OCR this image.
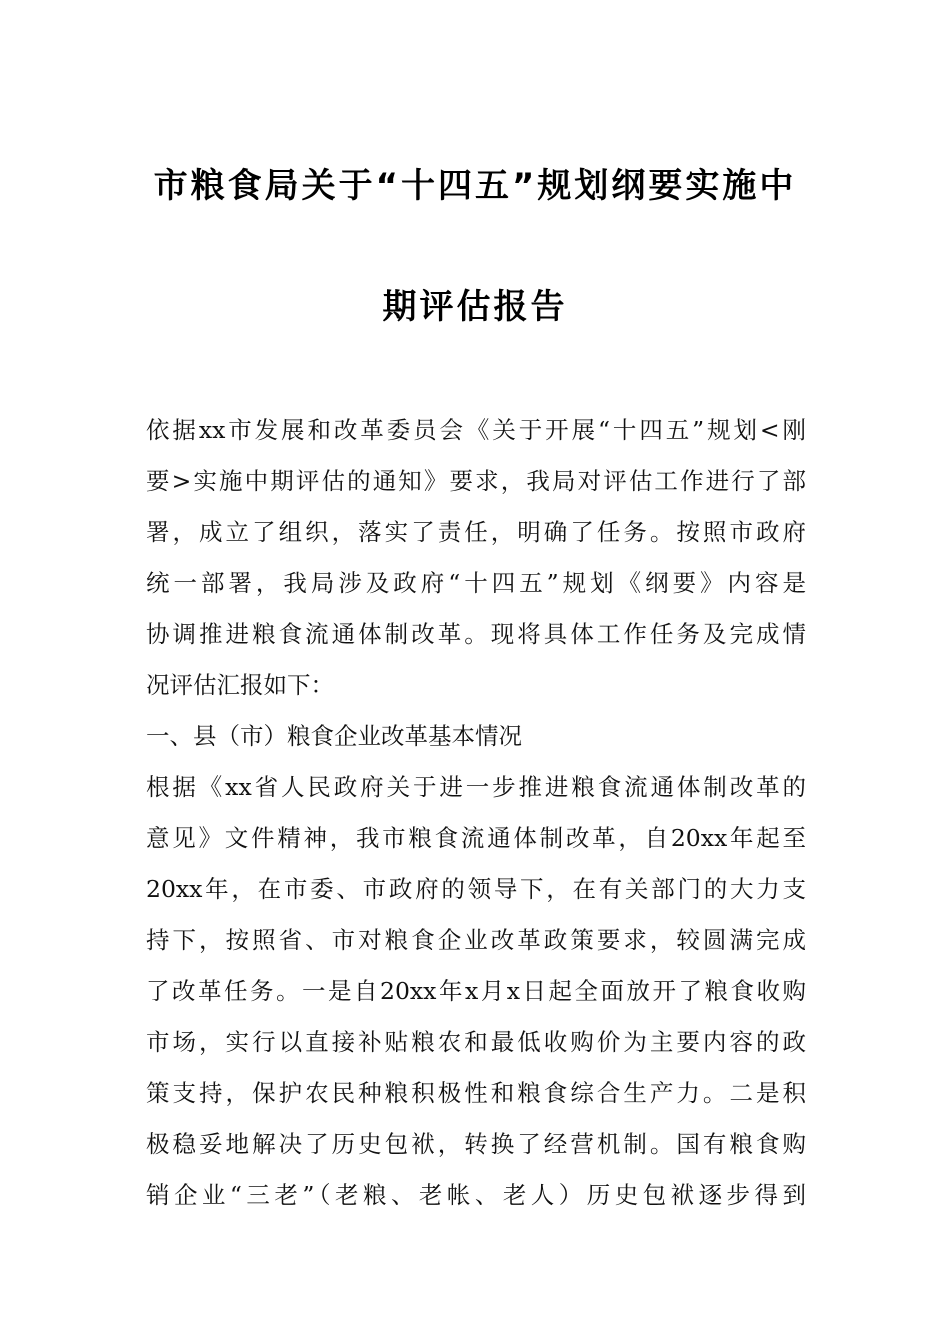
市粮食局关于“十四五”规划纲要实施中
期评估报告
依据xx市发展和改革委员会《关于开展“十四五”规划<刚
要>实施中期评估的通知》要求，我局对评估工作进行了部
署，成立了组织，落实了责任，明确了任务。按照市政府
统一部署，我局涉及政府“十四五”规划《纲要》内容是
协调推进粮食流通体制改革。现将具体工作任务及完成情
况评估汇报如下：
一、县（市）粮食企业改革基本情况
根据《xx省人民政府关于进一步推进粮食流通体制改革的
意见》文件精神，我市粮食流通体制改革，自20xx年起至
20xx年，在市委、市政府的领导下，在有关部门的大力支
持下，按照省、市对粮食企业改革政策要求，较圆满完成
了改革任务。一是自20xx年x月x日起全面放开了粮食收购
市场，实行以直接补贴粮农和最低收购价为主要内容的政
策支持，保护农民种粮积极性和粮食综合生产力。二是积
极稳妥地解决了历史包袱，转换了经营机制。国有粮食购
销企业“三老”（老粮、老帐、老人）历史包袱逐步得到
